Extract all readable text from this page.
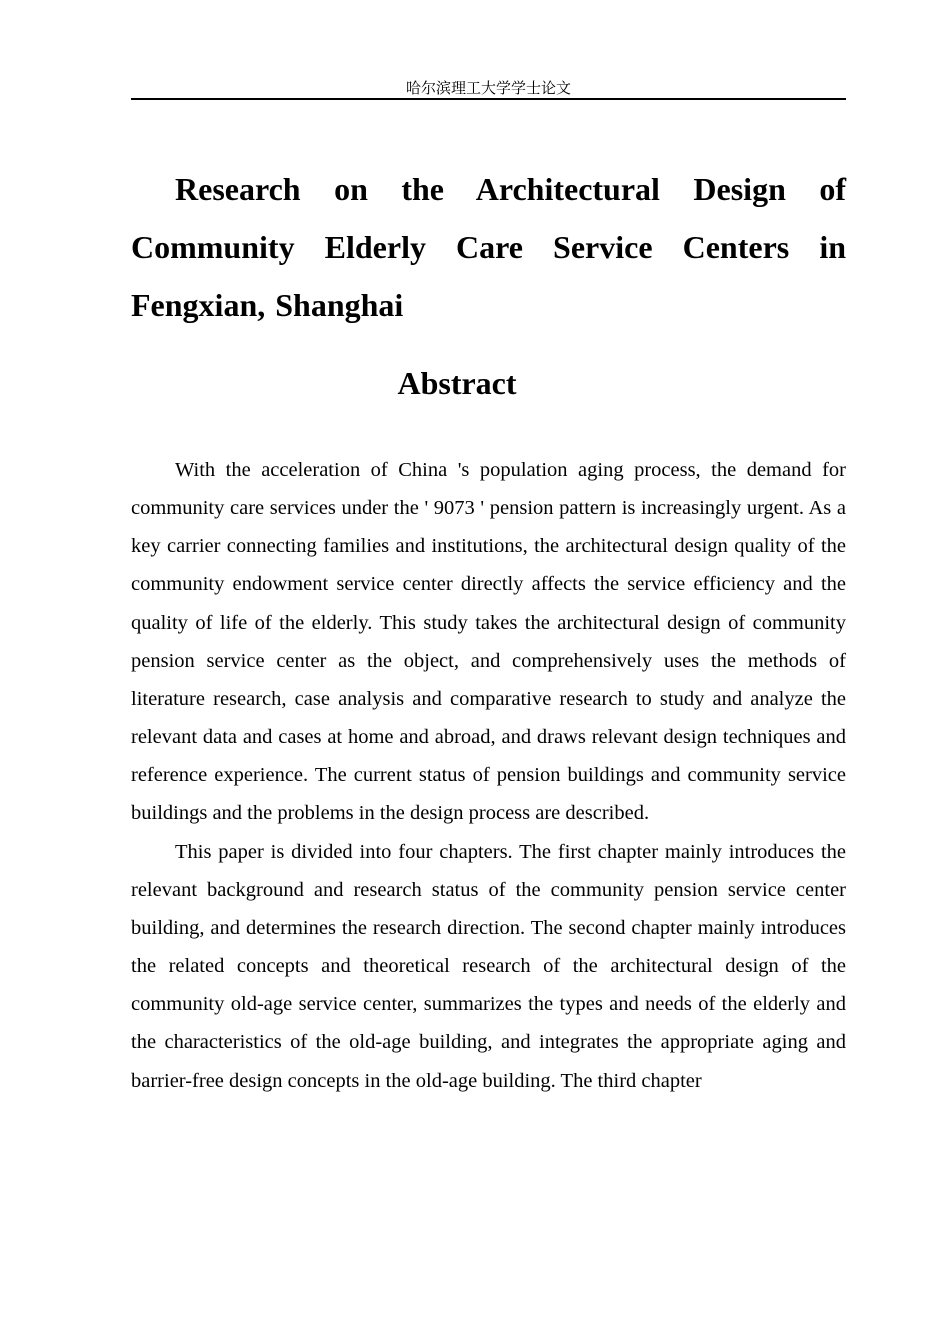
哈尔滨理工大学学士论文
Research on the Architectural Design of Community Elderly Care Service Centers in Fengxian, Shanghai
Abstract

With the acceleration of China 's population aging process, the demand for community care services under the ' 9073 ' pension pattern is increasingly urgent. As a key carrier connecting families and institutions, the architectural design quality of the community endowment service center directly affects the service efficiency and the quality of life of the elderly. This study takes the architectural design of community pension service center as the object, and comprehensively uses the methods of literature research, case analysis and comparative research to study and analyze the relevant data and cases at home and abroad, and draws relevant design techniques and reference experience. The current status of pension buildings and community service buildings and the problems in the design process are described.

This paper is divided into four chapters. The first chapter mainly introduces the relevant background and research status of the community pension service center building, and determines the research direction. The second chapter mainly introduces the related concepts and theoretical research of the architectural design of the community old-age service center, summarizes the types and needs of the elderly and the characteristics of the old-age building, and integrates the appropriate aging and barrier-free design concepts in the old-age building. The third chapter
